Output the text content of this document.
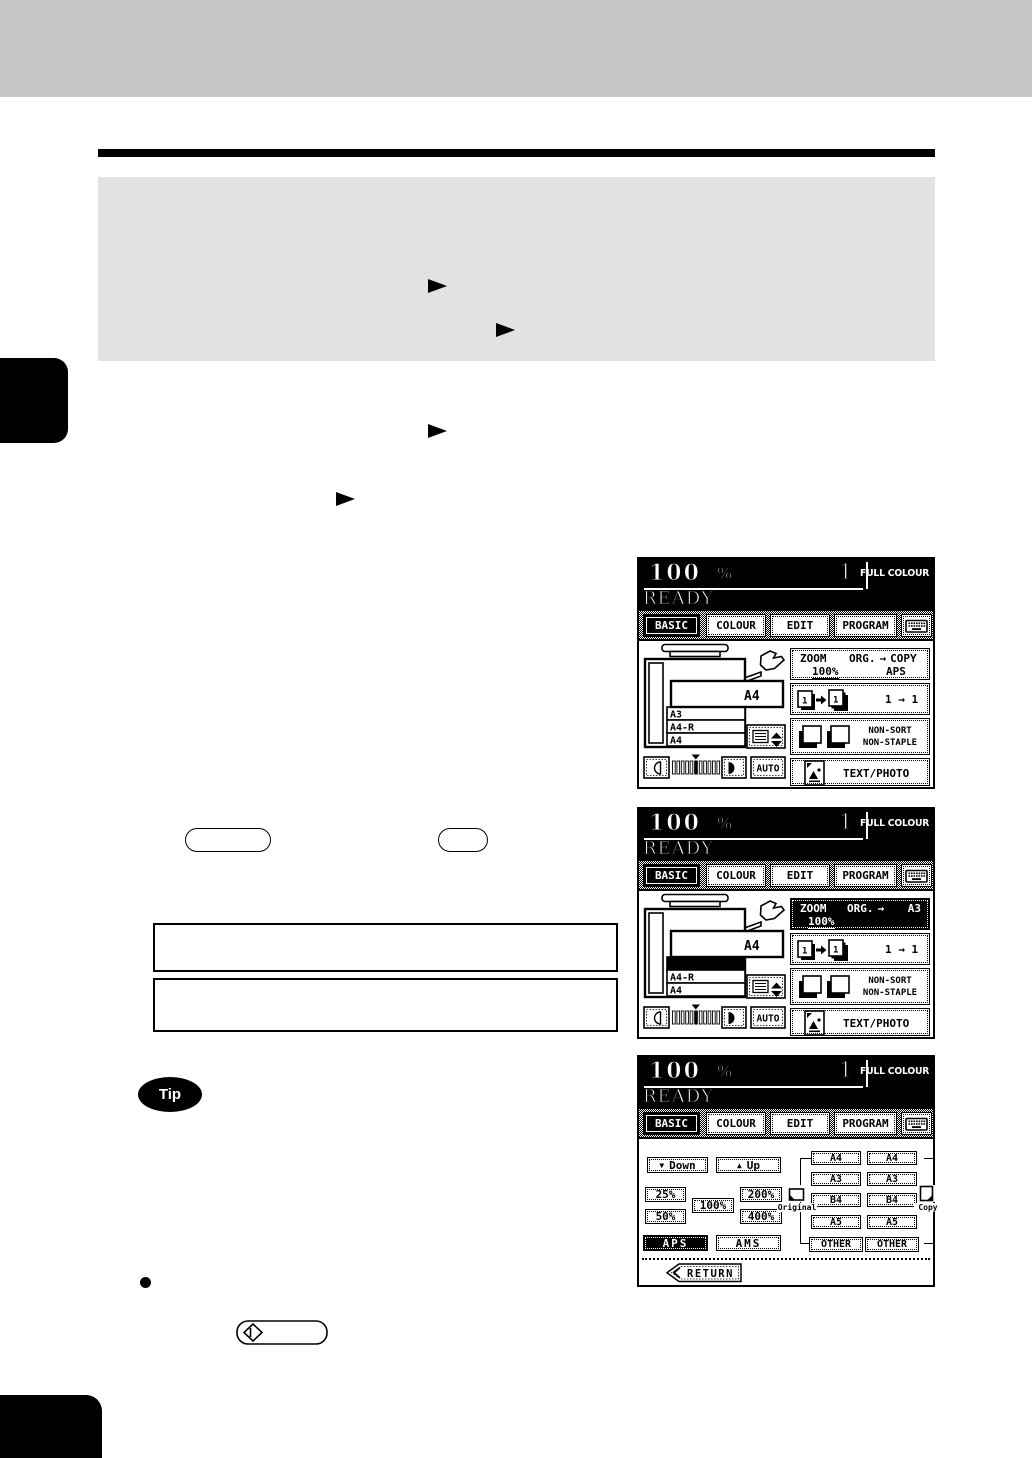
Tip
100 %	1 FULL COLOUR
READY
BASIC	COLOUR	EDIT	PROGRAM
A3
A4-R
A4
A4
AUTO
ZOOM ORG. → COPY
100%	APS
1	1	1 → 1
NON-SORT
NON-STAPLE
TEXT/PHOTO
100 %	1 FULL COLOUR
READY
BASIC	COLOUR	EDIT	PROGRAM
A3
A4-R
A4
A4
AUTO
ZOOM ORG. → A3
100%
1	1	1 → 1
NON-SORT
NON-STAPLE
TEXT/PHOTO
100 %	1 FULL COLOUR
READY
BASIC	COLOUR	EDIT	PROGRAM
▼ Down	▲ Up
25%	200%
100%
50%	400%
APS	AMS
A4
A3
B4
A5
OTHER
A4
A3
B4
A5
OTHER
Original	Copy
RETURN
